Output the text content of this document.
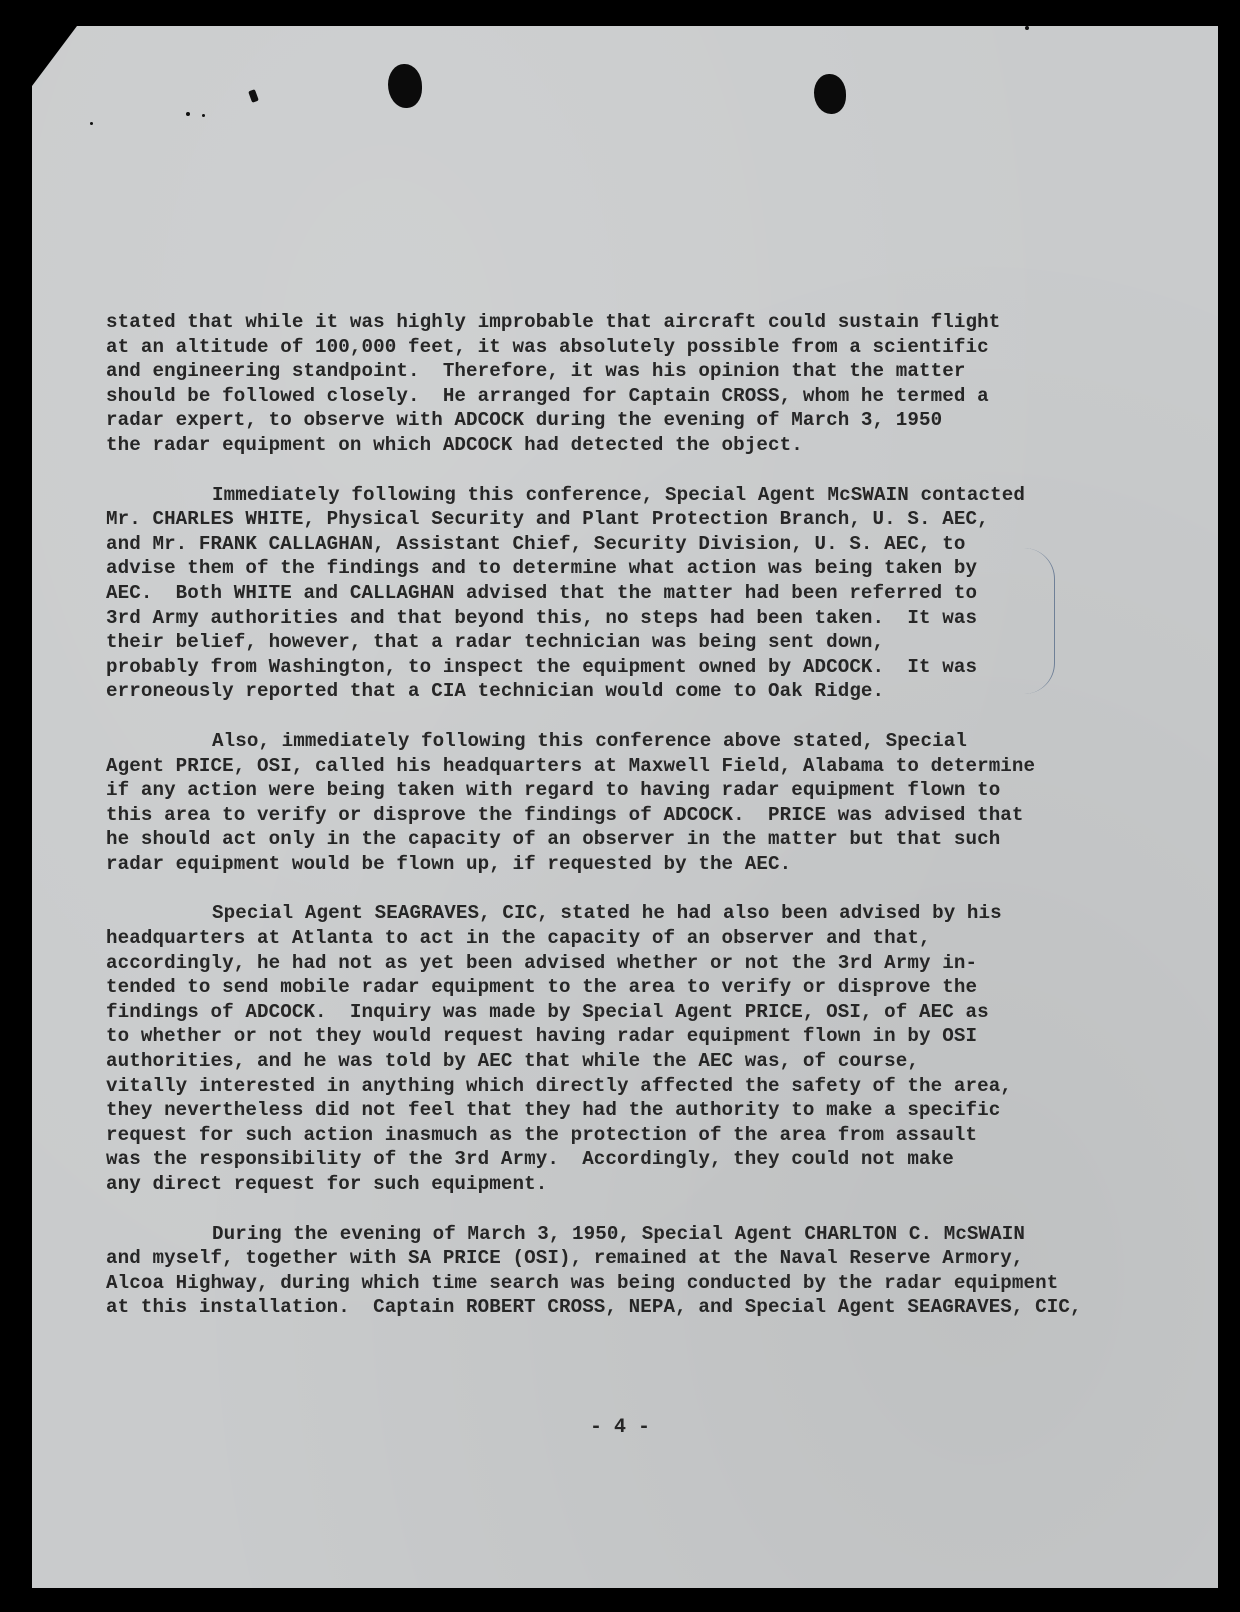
stated that while it was highly improbable that aircraft could sustain flight
at an altitude of 100,000 feet, it was absolutely possible from a scientific
and engineering standpoint.  Therefore, it was his opinion that the matter
should be followed closely.  He arranged for Captain CROSS, whom he termed a
radar expert, to observe with ADCOCK during the evening of March 3, 1950
the radar equipment on which ADCOCK had detected the object.
Immediately following this conference, Special Agent McSWAIN contacted
Mr. CHARLES WHITE, Physical Security and Plant Protection Branch, U. S. AEC,
and Mr. FRANK CALLAGHAN, Assistant Chief, Security Division, U. S. AEC, to
advise them of the findings and to determine what action was being taken by
AEC.  Both WHITE and CALLAGHAN advised that the matter had been referred to
3rd Army authorities and that beyond this, no steps had been taken.  It was
their belief, however, that a radar technician was being sent down,
probably from Washington, to inspect the equipment owned by ADCOCK.  It was
erroneously reported that a CIA technician would come to Oak Ridge.
Also, immediately following this conference above stated, Special
Agent PRICE, OSI, called his headquarters at Maxwell Field, Alabama to determine
if any action were being taken with regard to having radar equipment flown to
this area to verify or disprove the findings of ADCOCK.  PRICE was advised that
he should act only in the capacity of an observer in the matter but that such
radar equipment would be flown up, if requested by the AEC.
Special Agent SEAGRAVES, CIC, stated he had also been advised by his
headquarters at Atlanta to act in the capacity of an observer and that,
accordingly, he had not as yet been advised whether or not the 3rd Army in-
tended to send mobile radar equipment to the area to verify or disprove the
findings of ADCOCK.  Inquiry was made by Special Agent PRICE, OSI, of AEC as
to whether or not they would request having radar equipment flown in by OSI
authorities, and he was told by AEC that while the AEC was, of course,
vitally interested in anything which directly affected the safety of the area,
they nevertheless did not feel that they had the authority to make a specific
request for such action inasmuch as the protection of the area from assault
was the responsibility of the 3rd Army.  Accordingly, they could not make
any direct request for such equipment.
During the evening of March 3, 1950, Special Agent CHARLTON C. McSWAIN
and myself, together with SA PRICE (OSI), remained at the Naval Reserve Armory,
Alcoa Highway, during which time search was being conducted by the radar equipment
at this installation.  Captain ROBERT CROSS, NEPA, and Special Agent SEAGRAVES, CIC,
- 4 -
